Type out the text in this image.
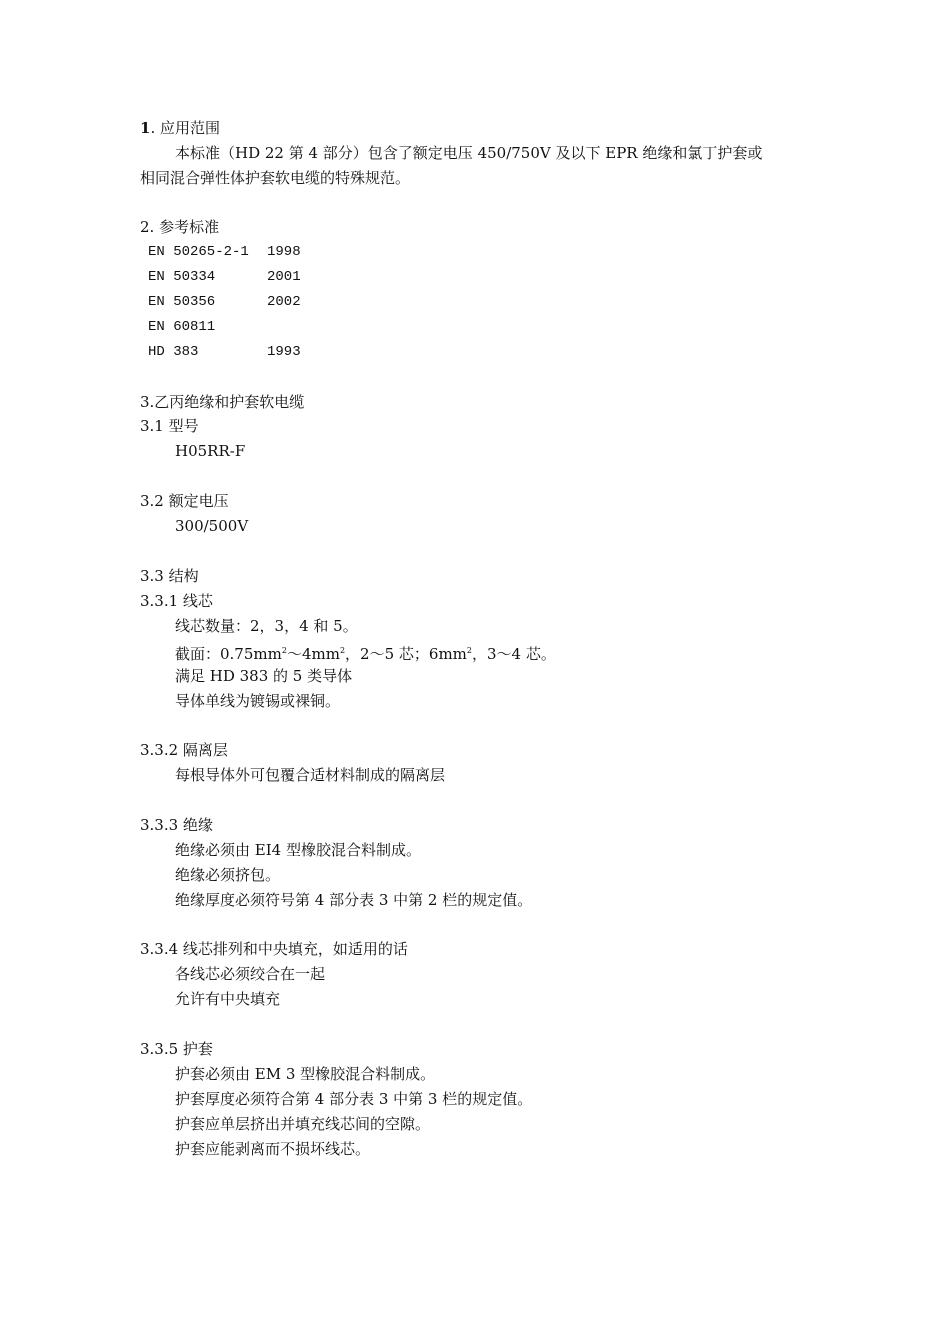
1. 应用范围
本标准（HD 22 第 4 部分）包含了额定电压 450/750V 及以下 EPR 绝缘和氯丁护套或
相同混合弹性体护套软电缆的特殊规范。
2. 参考标准
EN 50265-2-1 1998
EN 50334	2001
EN 50356	2002
EN 60811
HD 383	1993
3.乙丙绝缘和护套软电缆
3.1 型号
H05RR-F
3.2 额定电压
300/500V
3.3 结构
3.3.1 线芯
线芯数量：2，3，4 和 5。
截面：$0.75mm^2\sim 4mm^2$，2～5 芯；$6mm^2$，3～4 芯。
满足 HD 383 的 5 类导体
导体单线为镀锡或裸铜。
3.3.2 隔离层
每根导体外可包覆合适材料制成的隔离层
3.3.3 绝缘
绝缘必须由 EI4 型橡胶混合料制成。
绝缘必须挤包。
绝缘厚度必须符号第 4 部分表 3 中第 2 栏的规定值。
3.3.4 线芯排列和中央填充，如适用的话
各线芯必须绞合在一起
允许有中央填充
3.3.5 护套
护套必须由 EM 3 型橡胶混合料制成。
护套厚度必须符合第 4 部分表 3 中第 3 栏的规定值。
护套应单层挤出并填充线芯间的空隙。
护套应能剥离而不损坏线芯。
